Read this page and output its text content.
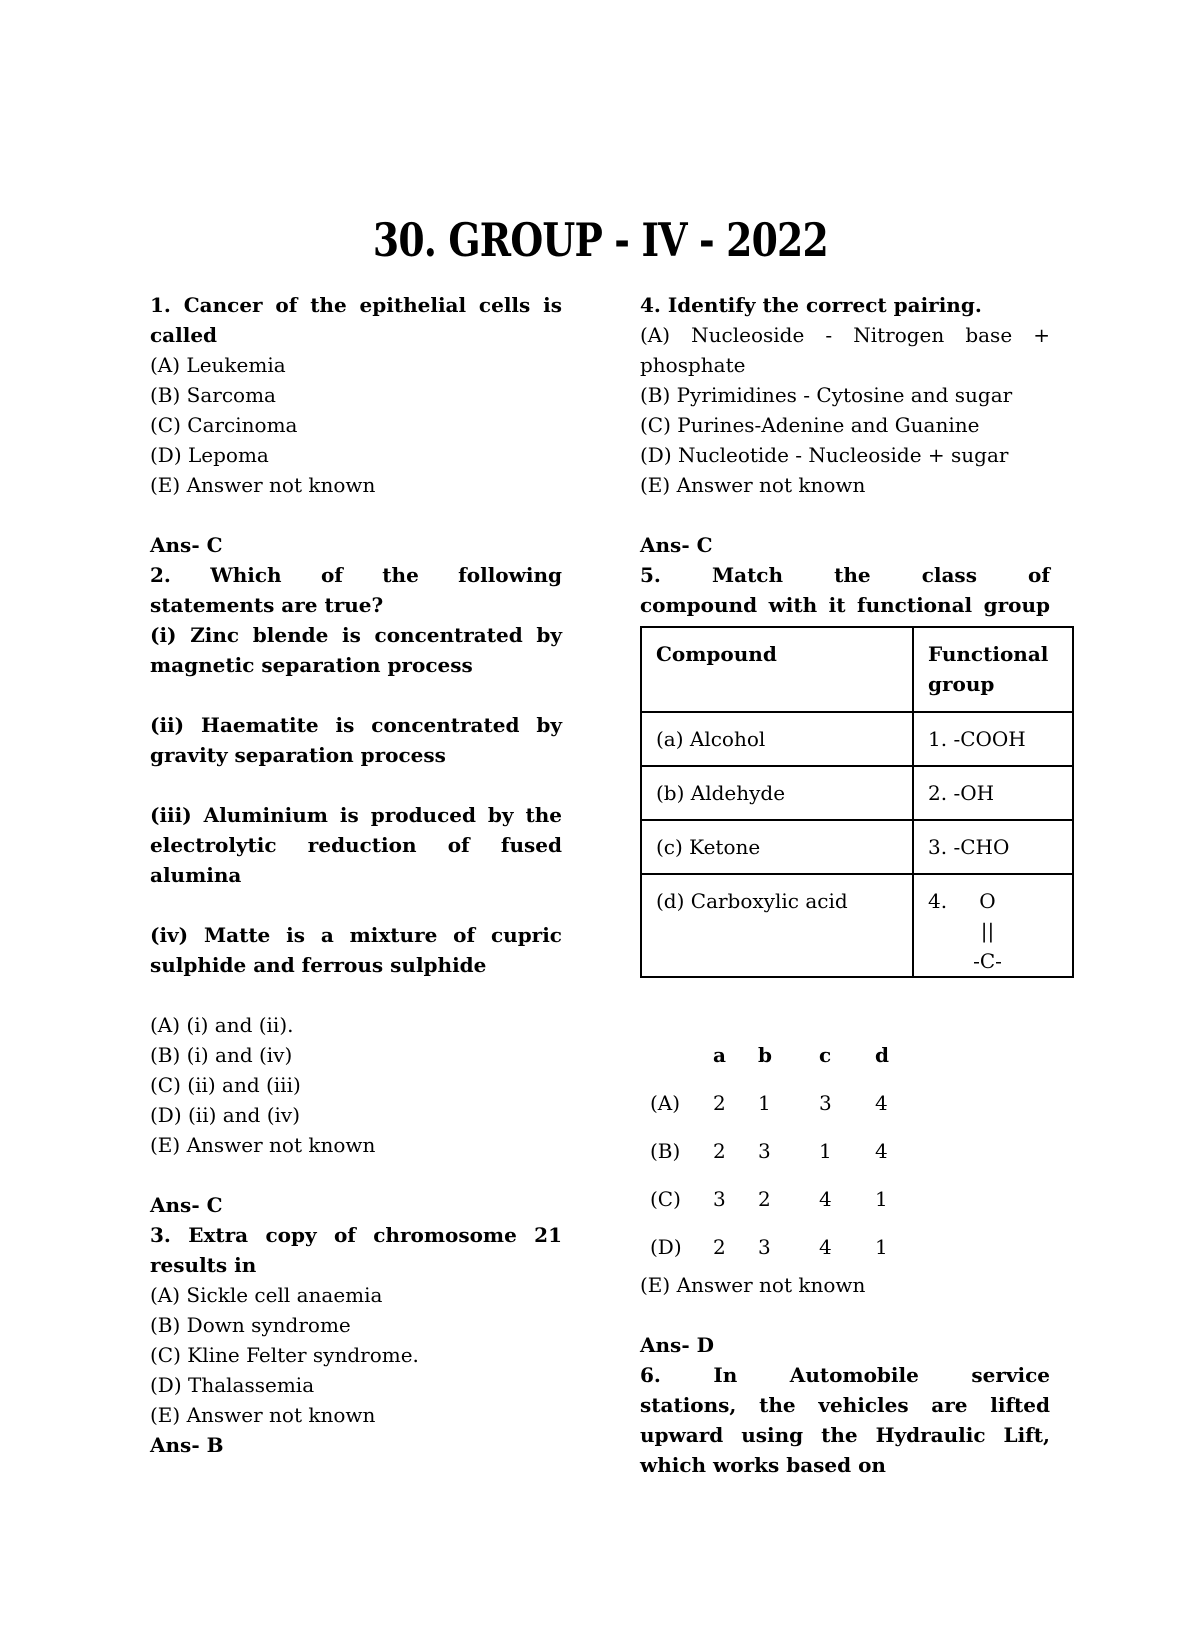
30. GROUP - IV - 2022
1. Cancer of the epithelial cells is
called
(A) Leukemia
(B) Sarcoma
(C) Carcinoma
(D) Lepoma
(E) Answer not known
Ans- C
2. Which of the following
statements are true?
(i) Zinc blende is concentrated by
magnetic separation process
(ii) Haematite is concentrated by
gravity separation process
(iii) Aluminium is produced by the
electrolytic reduction of fused
alumina
(iv) Matte is a mixture of cupric
sulphide and ferrous sulphide
(A) (i) and (ii).
(B) (i) and (iv)
(C) (ii) and (iii)
(D) (ii) and (iv)
(E) Answer not known
Ans- C
3. Extra copy of chromosome 21
results in
(A) Sickle cell anaemia
(B) Down syndrome
(C) Kline Felter syndrome.
(D) Thalassemia
(E) Answer not known
Ans- B
4. Identify the correct pairing.
(A) Nucleoside - Nitrogen base +
phosphate
(B) Pyrimidines - Cytosine and sugar
(C) Purines-Adenine and Guanine
(D) Nucleotide - Nucleoside + sugar
(E) Answer not known
Ans- C
5. Match the class of
compound with it functional group
Compound	Functional group
(a) Alcohol	1. -COOH
(b) Aldehyde	2. -OH
(c) Ketone	3. -CHO
(d) Carboxylic acid	4. O
||
-C-
a	b	c	d
(A)	2	1	3	4
(B)	2	3	1	4
(C)	3	2	4	1
(D)	2	3	4	1
(E) Answer not known
Ans- D
6. In Automobile service
stations, the vehicles are lifted
upward using the Hydraulic Lift,
which works based on
